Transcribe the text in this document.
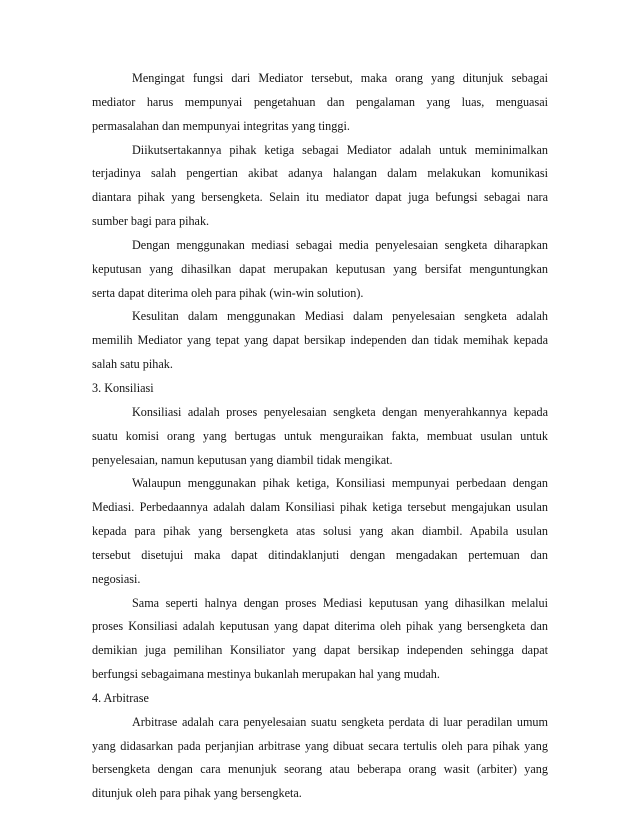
Mengingat fungsi dari Mediator tersebut, maka orang yang ditunjuk sebagai
mediator harus mempunyai pengetahuan dan pengalaman yang luas, menguasai
permasalahan dan mempunyai integritas yang tinggi.
Diikutsertakannya pihak ketiga sebagai Mediator adalah untuk meminimalkan
terjadinya salah pengertian akibat adanya halangan dalam melakukan komunikasi
diantara pihak yang bersengketa. Selain itu mediator dapat juga befungsi sebagai nara
sumber bagi para pihak.
Dengan menggunakan mediasi sebagai media penyelesaian sengketa diharapkan
keputusan yang dihasilkan dapat merupakan keputusan yang bersifat menguntungkan
serta dapat diterima oleh para pihak (win-win solution).
Kesulitan dalam menggunakan Mediasi dalam penyelesaian sengketa adalah
memilih Mediator yang tepat yang dapat bersikap independen dan tidak memihak kepada
salah satu pihak.
3. Konsiliasi
Konsiliasi adalah proses penyelesaian sengketa dengan menyerahkannya kepada
suatu komisi orang yang bertugas untuk menguraikan fakta, membuat usulan untuk
penyelesaian, namun keputusan yang diambil tidak mengikat.
Walaupun menggunakan pihak ketiga, Konsiliasi mempunyai perbedaan dengan
Mediasi. Perbedaannya adalah dalam Konsiliasi pihak ketiga tersebut mengajukan usulan
kepada para pihak yang bersengketa atas solusi yang akan diambil. Apabila usulan
tersebut disetujui maka dapat ditindaklanjuti dengan mengadakan pertemuan dan
negosiasi.
Sama seperti halnya dengan proses Mediasi keputusan yang dihasilkan melalui
proses Konsiliasi adalah keputusan yang dapat diterima oleh pihak yang bersengketa dan
demikian juga pemilihan Konsiliator yang dapat bersikap independen sehingga dapat
berfungsi sebagaimana mestinya bukanlah merupakan hal yang mudah.
4. Arbitrase
Arbitrase adalah cara penyelesaian suatu sengketa perdata di luar peradilan umum
yang didasarkan pada perjanjian arbitrase yang dibuat secara tertulis oleh para pihak yang
bersengketa dengan cara menunjuk seorang atau beberapa orang wasit (arbiter) yang
ditunjuk oleh para pihak yang bersengketa.
